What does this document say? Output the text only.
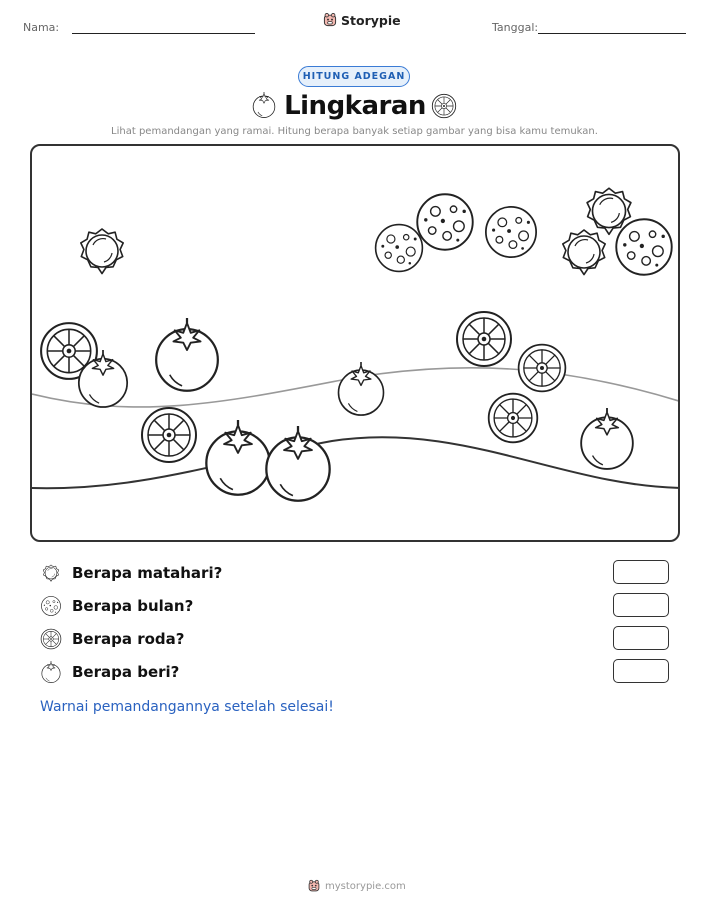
Nama:	Storypie	Tanggal:
HITUNG ADEGAN
Lingkaran
Lihat pemandangan yang ramai. Hitung berapa banyak setiap gambar yang bisa kamu temukan.
Berapa matahari?
Berapa bulan?
Berapa roda?
Berapa beri?
Warnai pemandangannya setelah selesai!
mystorypie.com
